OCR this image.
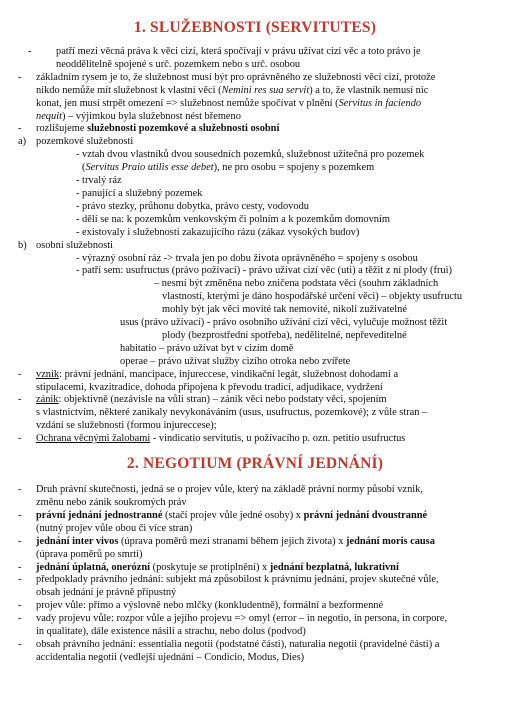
1. SLUŽEBNOSTI (SERVITUTES)
-	patří mezi věcná práva k věci cizí, která spočívají v právu užívat cizí věc a toto právo je

neoddělitelně spojené s urč. pozemkem nebo s urč. osobou

-	základním rysem je to, že služebnost musí být pro oprávněného ze služebnosti věcí cizí, protože

nikdo nemůže mít služebnost k vlastní věci (Nemini res sua servit) a to, že vlastník nemusí nic

konat, jen musí strpět omezení => služebnost nemůže spočívat v plnění (Servitus in faciendo

nequit) – výjimkou byla služebnost nést břemeno

-	rozlišujeme služebnosti pozemkové a služebnosti osobní

a) pozemkové služebnosti

- vztah dvou vlastníků dvou sousedních pozemků, služebnost užitečná pro pozemek

(Servitus Praio utilis esse debet), ne pro osobu = spojeny s pozemkem

- trvalý ráz

- panující a služebný pozemek

- právo stezky, průhonu dobytka, právo cesty, vodovodu

- dělí se na: k pozemkům venkovským či polním a k pozemkům domovním

- existovaly i služebnosti zakazujícího rázu (zákaz vysokých budov)

b) osobní služebnosti

- výrazný osobní ráz -> trvala jen po dobu života oprávněného = spojeny s osobou

- patří sem: usufructus (právo požívací) - právo užívat cizí věc (uti) a těžit z ní plody (frui)

– nesmí být změněna nebo zničena podstata věci (souhrn základních

vlastností, kterými je dáno hospodářské určení věci) – objekty usufructu

mohly být jak věci movité tak nemovité, nikoli zuživatelné

usus (právo užívací) - právo osobního užívání cizí věci, vylučuje možnost těžit

plody (bezprostřední spotřeba), nedělitelné, nepřeveditelné

habitatio – právo užívat byt v cizím domě

operae – právo užívat služby cizího otroka nebo zvířete

-	vznik: právní jednání, mancipace, injureccese, vindikační legát, služebnost dohodami a

stipulacemi, kvazitradice, dohoda připojena k převodu tradicí, adjudikace, vydržení

-	zánik: objektivně (nezávisle na vůli stran) – zánik věci nebo podstaty věci, spojením

s vlastnictvím, některé zanikaly nevykonáváním (usus, usufructus, pozemkové); z vůle stran –

vzdání se služebnosti (formou injureccese);

-	Ochrana věcnými žalobami - vindicatio servitutis, u požívacího p. ozn. petitio usufructus

2. NEGOTIUM (PRÁVNÍ JEDNÁNÍ)
-	Druh právní skutečnosti, jedná se o projev vůle, který na základě právní normy působí vznik,

změnu nebo zánik soukromých práv

-	právní jednání jednostranné (stačí projev vůle jedné osoby) x právní jednání dvoustranné

(nutný projev vůle obou či více stran)

-	jednání inter vivos (úprava poměrů mezi stranami během jejich života) x jednání moris causa

(úprava poměrů po smrti)

-	jednání úplatná, onerózní (poskytuje se protiplnění) x jednání bezplatná, lukrativní

-	předpoklady právního jednání: subjekt má způsobilost k právnímu jednání, projev skutečné vůle,

obsah jednání je právně přípustný

-	projev vůle: přímo a výslovně nebo mlčky (konkludentně), formální a bezformenné

-	vady projevu vůle: rozpor vůle a jejího projevu => omyl (error – in negotio, in persona, in corpore,

in qualitate), dále existence násilí a strachu, nebo dolus (podvod)

-	obsah právního jednání: essentialia negotii (podstatné části), naturalia negotii (pravidelné části) a

accidentalia negotii (vedlejší ujednání – Condicio, Modus, Dies)
